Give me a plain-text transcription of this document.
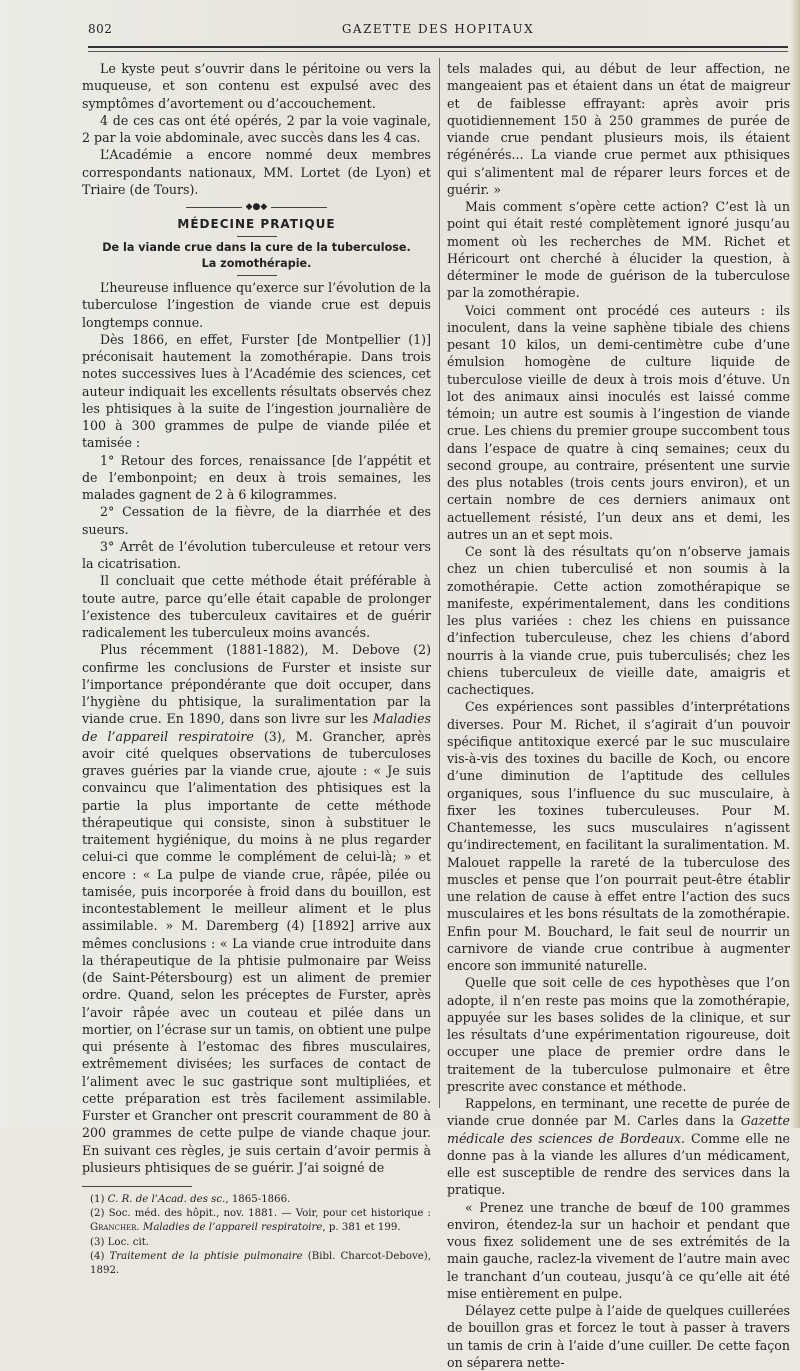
802	GAZETTE DES HOPITAUX

Le kyste peut s’ouvrir dans le péritoine ou vers la muqueuse, et son contenu est expulsé avec des symptômes d’avortement ou d’accouchement.

4 de ces cas ont été opérés, 2 par la voie vaginale, 2 par la voie abdominale, avec succès dans les 4 cas.

L’Académie a encore nommé deux membres correspondants nationaux, MM. Lortet (de Lyon) et Triaire (de Tours).

◆●◆
MÉDECINE PRATIQUE
De la viande crue dans la cure de la tuberculose.
La zomothérapie.

L’heureuse influence qu’exerce sur l’évolution de la tuberculose l’ingestion de viande crue est depuis longtemps connue.

Dès 1866, en effet, Furster [de Montpellier (1)] préconisait hautement la zomothérapie. Dans trois notes successives lues à l’Académie des sciences, cet auteur indiquait les excellents résultats observés chez les phtisiques à la suite de l’ingestion journalière de 100 à 300 grammes de pulpe de viande pilée et tamisée :

1° Retour des forces, renaissance [de l’appétit et de l’embonpoint; en deux à trois semaines, les malades gagnent de 2 à 6 kilogrammes.

2° Cessation de la fièvre, de la diarrhée et des sueurs.

3° Arrêt de l’évolution tuberculeuse et retour vers la cicatrisation.

Il concluait que cette méthode était préférable à toute autre, parce qu’elle était capable de prolonger l’existence des tuberculeux cavitaires et de guérir radicalement les tuberculeux moins avancés.

Plus récemment (1881-1882), M. Debove (2) confirme les conclusions de Furster et insiste sur l’importance prépondérante que doit occuper, dans l’hygiène du phtisique, la suralimentation par la viande crue. En 1890, dans son livre sur les Maladies de l’appareil respiratoire (3), M. Grancher, après avoir cité quelques observations de tuberculoses graves guéries par la viande crue, ajoute : « Je suis convaincu que l’alimentation des phtisiques est la partie la plus importante de cette méthode thérapeutique qui consiste, sinon à substituer le traitement hygiénique, du moins à ne plus regarder celui-ci que comme le complément de celui-là; » et encore : « La pulpe de viande crue, râpée, pilée ou tamisée, puis incorporée à froid dans du bouillon, est incontestablement le meilleur aliment et le plus assimilable. » M. Daremberg (4) [1892] arrive aux mêmes conclusions : « La viande crue introduite dans la thérapeutique de la phtisie pulmonaire par Weiss (de Saint-Pétersbourg) est un aliment de premier ordre. Quand, selon les préceptes de Furster, après l’avoir râpée avec un couteau et pilée dans un mortier, on l’écrase sur un tamis, on obtient une pulpe qui présente à l’estomac des fibres musculaires, extrêmement divisées; les surfaces de contact de l’aliment avec le suc gastrique sont multipliées, et cette préparation est très facilement assimilable. Furster et Grancher ont prescrit couramment de 80 à 200 grammes de cette pulpe de viande chaque jour. En suivant ces règles, je suis certain d’avoir permis à plusieurs phtisiques de se guérir. J’ai soigné de

(1) C. R. de l’Acad. des sc., 1865-1866.
(2) Soc. méd. des hôpit., nov. 1881. — Voir, pour cet historique : Grancher. Maladies de l’appareil respiratoire, p. 381 et 199.
(3) Loc. cit.
(4) Traitement de la phtisie pulmonaire (Bibl. Charcot-Debove), 1892.

tels malades qui, au début de leur affection, ne mangeaient pas et étaient dans un état de maigreur et de faiblesse effrayant: après avoir pris quotidiennement 150 à 250 grammes de purée de viande crue pendant plusieurs mois, ils étaient régénérés... La viande crue permet aux pthisiques qui s’alimentent mal de réparer leurs forces et de guérir. »

Mais comment s’opère cette action? C’est là un point qui était resté complètement ignoré jusqu’au moment où les recherches de MM. Richet et Héricourt ont cherché à élucider la question, à déterminer le mode de guérison de la tuberculose par la zomothérapie.

Voici comment ont procédé ces auteurs : ils inoculent, dans la veine saphène tibiale des chiens pesant 10 kilos, un demi-centimètre cube d’une émulsion homogène de culture liquide de tuberculose vieille de deux à trois mois d’étuve. Un lot des animaux ainsi inoculés est laissé comme témoin; un autre est soumis à l’ingestion de viande crue. Les chiens du premier groupe succombent tous dans l’espace de quatre à cinq semaines; ceux du second groupe, au contraire, présentent une survie des plus notables (trois cents jours environ), et un certain nombre de ces derniers animaux ont actuellement résisté, l’un deux ans et demi, les autres un an et sept mois.

Ce sont là des résultats qu’on n’observe jamais chez un chien tuberculisé et non soumis à la zomothérapie. Cette action zomothérapique se manifeste, expérimentalement, dans les conditions les plus variées : chez les chiens en puissance d’infection tuberculeuse, chez les chiens d’abord nourris à la viande crue, puis tuberculisés; chez les chiens tuberculeux de vieille date, amaigris et cachectiques.

Ces expériences sont passibles d’interprétations diverses. Pour M. Richet, il s’agirait d’un pouvoir spécifique antitoxique exercé par le suc musculaire vis-à-vis des toxines du bacille de Koch, ou encore d’une diminution de l’aptitude des cellules organiques, sous l’influence du suc musculaire, à fixer les toxines tuberculeuses. Pour M. Chantemesse, les sucs musculaires n’agissent qu’indirectement, en facilitant la suralimentation. M. Malouet rappelle la rareté de la tuberculose des muscles et pense que l’on pourrait peut-être établir une relation de cause à effet entre l’action des sucs musculaires et les bons résultats de la zomothérapie. Enfin pour M. Bouchard, le fait seul de nourrir un carnivore de viande crue contribue à augmenter encore son immunité naturelle.

Quelle que soit celle de ces hypothèses que l’on adopte, il n’en reste pas moins que la zomothérapie, appuyée sur les bases solides de la clinique, et sur les résultats d’une expérimentation rigoureuse, doit occuper une place de premier ordre dans le traitement de la tuberculose pulmonaire et être prescrite avec constance et méthode.

Rappelons, en terminant, une recette de purée de viande crue donnée par M. Carles dans la Gazette médicale des sciences de Bordeaux. Comme elle ne donne pas à la viande les allures d’un médicament, elle est susceptible de rendre des services dans la pratique.

« Prenez une tranche de bœuf de 100 grammes environ, étendez-la sur un hachoir et pendant que vous fixez solidement une de ses extrémités de la main gauche, raclez-la vivement de l’autre main avec le tranchant d’un couteau, jusqu’à ce qu’elle ait été mise entièrement en pulpe.

Délayez cette pulpe à l’aide de quelques cuillerées de bouillon gras et forcez le tout à passer à travers un tamis de crin à l’aide d’une cuiller. De cette façon on séparera nette-
